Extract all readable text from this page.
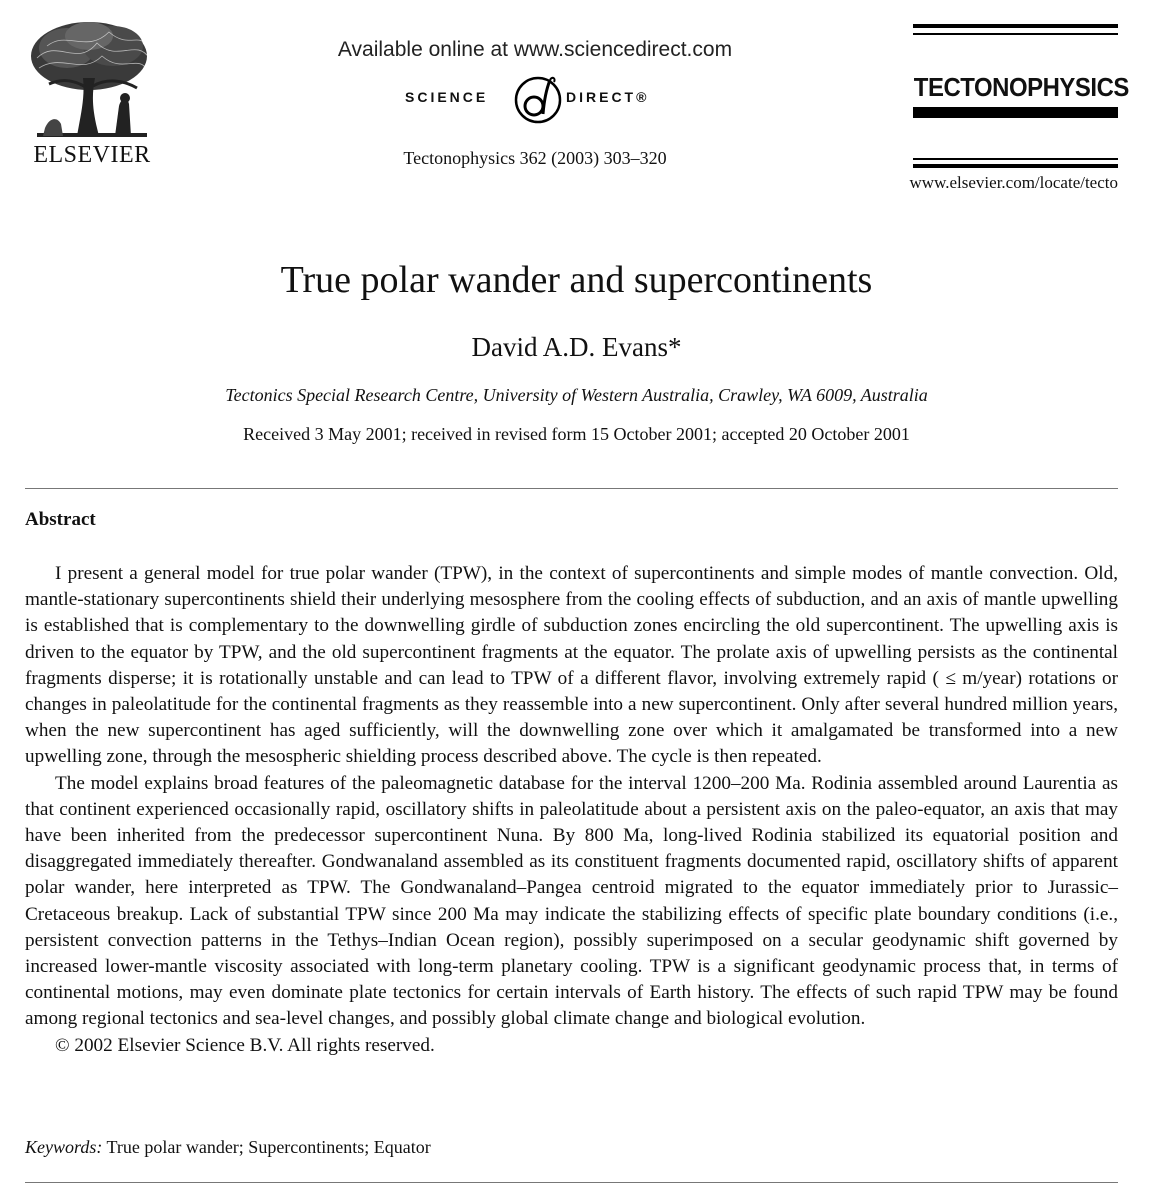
ELSEVIER
Available online at www.sciencedirect.com
SCIENCE	DIRECT®
Tectonophysics 362 (2003) 303–320
TECTONOPHYSICS
www.elsevier.com/locate/tecto
True polar wander and supercontinents
David A.D. Evans*
Tectonics Special Research Centre, University of Western Australia, Crawley, WA 6009, Australia
Received 3 May 2001; received in revised form 15 October 2001; accepted 20 October 2001
Abstract

I present a general model for true polar wander (TPW), in the context of supercontinents and simple modes of mantle convection. Old, mantle-stationary supercontinents shield their underlying mesosphere from the cooling effects of subduction, and an axis of mantle upwelling is established that is complementary to the downwelling girdle of subduction zones encircling the old supercontinent. The upwelling axis is driven to the equator by TPW, and the old supercontinent fragments at the equator. The prolate axis of upwelling persists as the continental fragments disperse; it is rotationally unstable and can lead to TPW of a different flavor, involving extremely rapid ( ≤ m/year) rotations or changes in paleolatitude for the continental fragments as they reassemble into a new supercontinent. Only after several hundred million years, when the new supercontinent has aged sufficiently, will the downwelling zone over which it amalgamated be transformed into a new upwelling zone, through the mesospheric shielding process described above. The cycle is then repeated.

The model explains broad features of the paleomagnetic database for the interval 1200–200 Ma. Rodinia assembled around Laurentia as that continent experienced occasionally rapid, oscillatory shifts in paleolatitude about a persistent axis on the paleo-equator, an axis that may have been inherited from the predecessor supercontinent Nuna. By 800 Ma, long-lived Rodinia stabilized its equatorial position and disaggregated immediately thereafter. Gondwanaland assembled as its constituent fragments documented rapid, oscillatory shifts of apparent polar wander, here interpreted as TPW. The Gondwanaland–Pangea centroid migrated to the equator immediately prior to Jurassic–Cretaceous breakup. Lack of substantial TPW since 200 Ma may indicate the stabilizing effects of specific plate boundary conditions (i.e., persistent convection patterns in the Tethys–Indian Ocean region), possibly superimposed on a secular geodynamic shift governed by increased lower-mantle viscosity associated with long-term planetary cooling. TPW is a significant geodynamic process that, in terms of continental motions, may even dominate plate tectonics for certain intervals of Earth history. The effects of such rapid TPW may be found among regional tectonics and sea-level changes, and possibly global climate change and biological evolution.

© 2002 Elsevier Science B.V. All rights reserved.

Keywords: True polar wander; Supercontinents; Equator
